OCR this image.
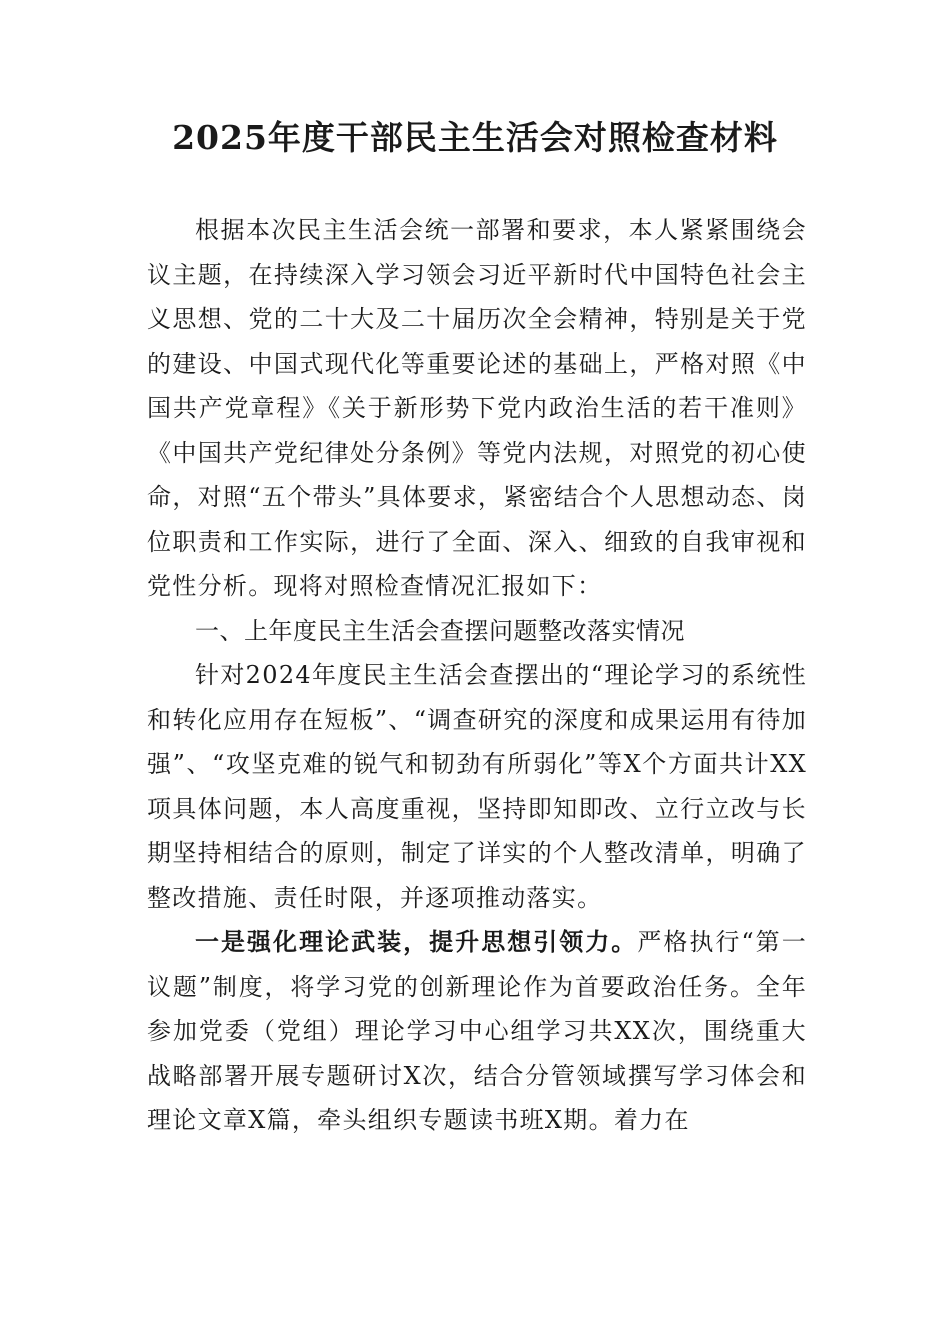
2025年度干部民主生活会对照检查材料

根据本次民主生活会统一部署和要求，本人紧紧围绕会议主题，在持续深入学习领会习近平新时代中国特色社会主义思想、党的二十大及二十届历次全会精神，特别是关于党的建设、中国式现代化等重要论述的基础上，严格对照《中国共产党章程》《关于新形势下党内政治生活的若干准则》《中国共产党纪律处分条例》等党内法规，对照党的初心使命，对照“五个带头”具体要求，紧密结合个人思想动态、岗位职责和工作实际，进行了全面、深入、细致的自我审视和党性分析。现将对照检查情况汇报如下：

一、上年度民主生活会查摆问题整改落实情况

针对2024年度民主生活会查摆出的“理论学习的系统性和转化应用存在短板”、“调查研究的深度和成果运用有待加强”、“攻坚克难的锐气和韧劲有所弱化”等X个方面共计XX项具体问题，本人高度重视，坚持即知即改、立行立改与长期坚持相结合的原则，制定了详实的个人整改清单，明确了整改措施、责任时限，并逐项推动落实。

一是强化理论武装，提升思想引领力。严格执行“第一议题”制度，将学习党的创新理论作为首要政治任务。全年参加党委（党组）理论学习中心组学习共XX次，围绕重大战略部署开展专题研讨X次，结合分管领域撰写学习体会和理论文章X篇，牵头组织专题读书班X期。着力在
